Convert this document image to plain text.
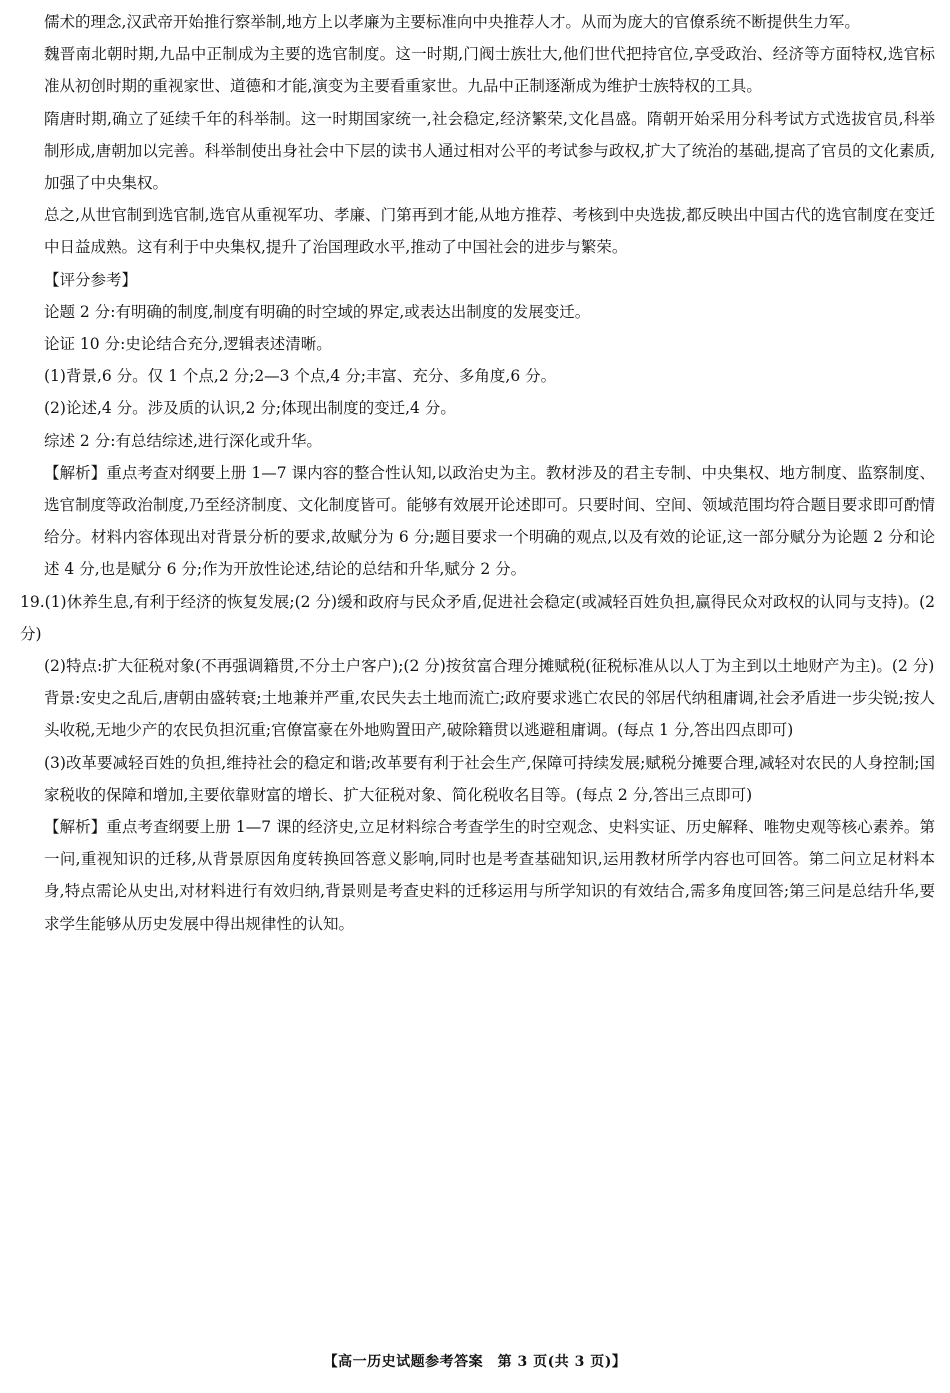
儒术的理念,汉武帝开始推行察举制,地方上以孝廉为主要标准向中央推荐人才。从而为庞大的官僚系统不断提供生力军。

魏晋南北朝时期,九品中正制成为主要的选官制度。这一时期,门阀士族壮大,他们世代把持官位,享受政治、经济等方面特权,选官标准从初创时期的重视家世、道德和才能,演变为主要看重家世。九品中正制逐渐成为维护士族特权的工具。

隋唐时期,确立了延续千年的科举制。这一时期国家统一,社会稳定,经济繁荣,文化昌盛。隋朝开始采用分科考试方式选拔官员,科举制形成,唐朝加以完善。科举制使出身社会中下层的读书人通过相对公平的考试参与政权,扩大了统治的基础,提高了官员的文化素质,加强了中央集权。

总之,从世官制到选官制,选官从重视军功、孝廉、门第再到才能,从地方推荐、考核到中央选拔,都反映出中国古代的选官制度在变迁中日益成熟。这有利于中央集权,提升了治国理政水平,推动了中国社会的进步与繁荣。

【评分参考】

论题 2 分:有明确的制度,制度有明确的时空域的界定,或表达出制度的发展变迁。

论证 10 分:史论结合充分,逻辑表述清晰。

(1)背景,6 分。仅 1 个点,2 分;2—3 个点,4 分;丰富、充分、多角度,6 分。

(2)论述,4 分。涉及质的认识,2 分;体现出制度的变迁,4 分。

综述 2 分:有总结综述,进行深化或升华。

【解析】重点考查对纲要上册 1—7 课内容的整合性认知,以政治史为主。教材涉及的君主专制、中央集权、地方制度、监察制度、选官制度等政治制度,乃至经济制度、文化制度皆可。能够有效展开论述即可。只要时间、空间、领域范围均符合题目要求即可酌情给分。材料内容体现出对背景分析的要求,故赋分为 6 分;题目要求一个明确的观点,以及有效的论证,这一部分赋分为论题 2 分和论述 4 分,也是赋分 6 分;作为开放性论述,结论的总结和升华,赋分 2 分。

19.(1)休养生息,有利于经济的恢复发展;(2 分)缓和政府与民众矛盾,促进社会稳定(或减轻百姓负担,赢得民众对政权的认同与支持)。(2 分)

(2)特点:扩大征税对象(不再强调籍贯,不分土户客户);(2 分)按贫富合理分摊赋税(征税标准从以人丁为主到以土地财产为主)。(2 分)

背景:安史之乱后,唐朝由盛转衰;土地兼并严重,农民失去土地而流亡;政府要求逃亡农民的邻居代纳租庸调,社会矛盾进一步尖锐;按人头收税,无地少产的农民负担沉重;官僚富豪在外地购置田产,破除籍贯以逃避租庸调。(每点 1 分,答出四点即可)

(3)改革要减轻百姓的负担,维持社会的稳定和谐;改革要有利于社会生产,保障可持续发展;赋税分摊要合理,减轻对农民的人身控制;国家税收的保障和增加,主要依靠财富的增长、扩大征税对象、简化税收名目等。(每点 2 分,答出三点即可)

【解析】重点考查纲要上册 1—7 课的经济史,立足材料综合考查学生的时空观念、史料实证、历史解释、唯物史观等核心素养。第一问,重视知识的迁移,从背景原因角度转换回答意义影响,同时也是考查基础知识,运用教材所学内容也可回答。第二问立足材料本身,特点需论从史出,对材料进行有效归纳,背景则是考查史料的迁移运用与所学知识的有效结合,需多角度回答;第三问是总结升华,要求学生能够从历史发展中得出规律性的认知。

【高一历史试题参考答案　第 3 页(共 3 页)】
